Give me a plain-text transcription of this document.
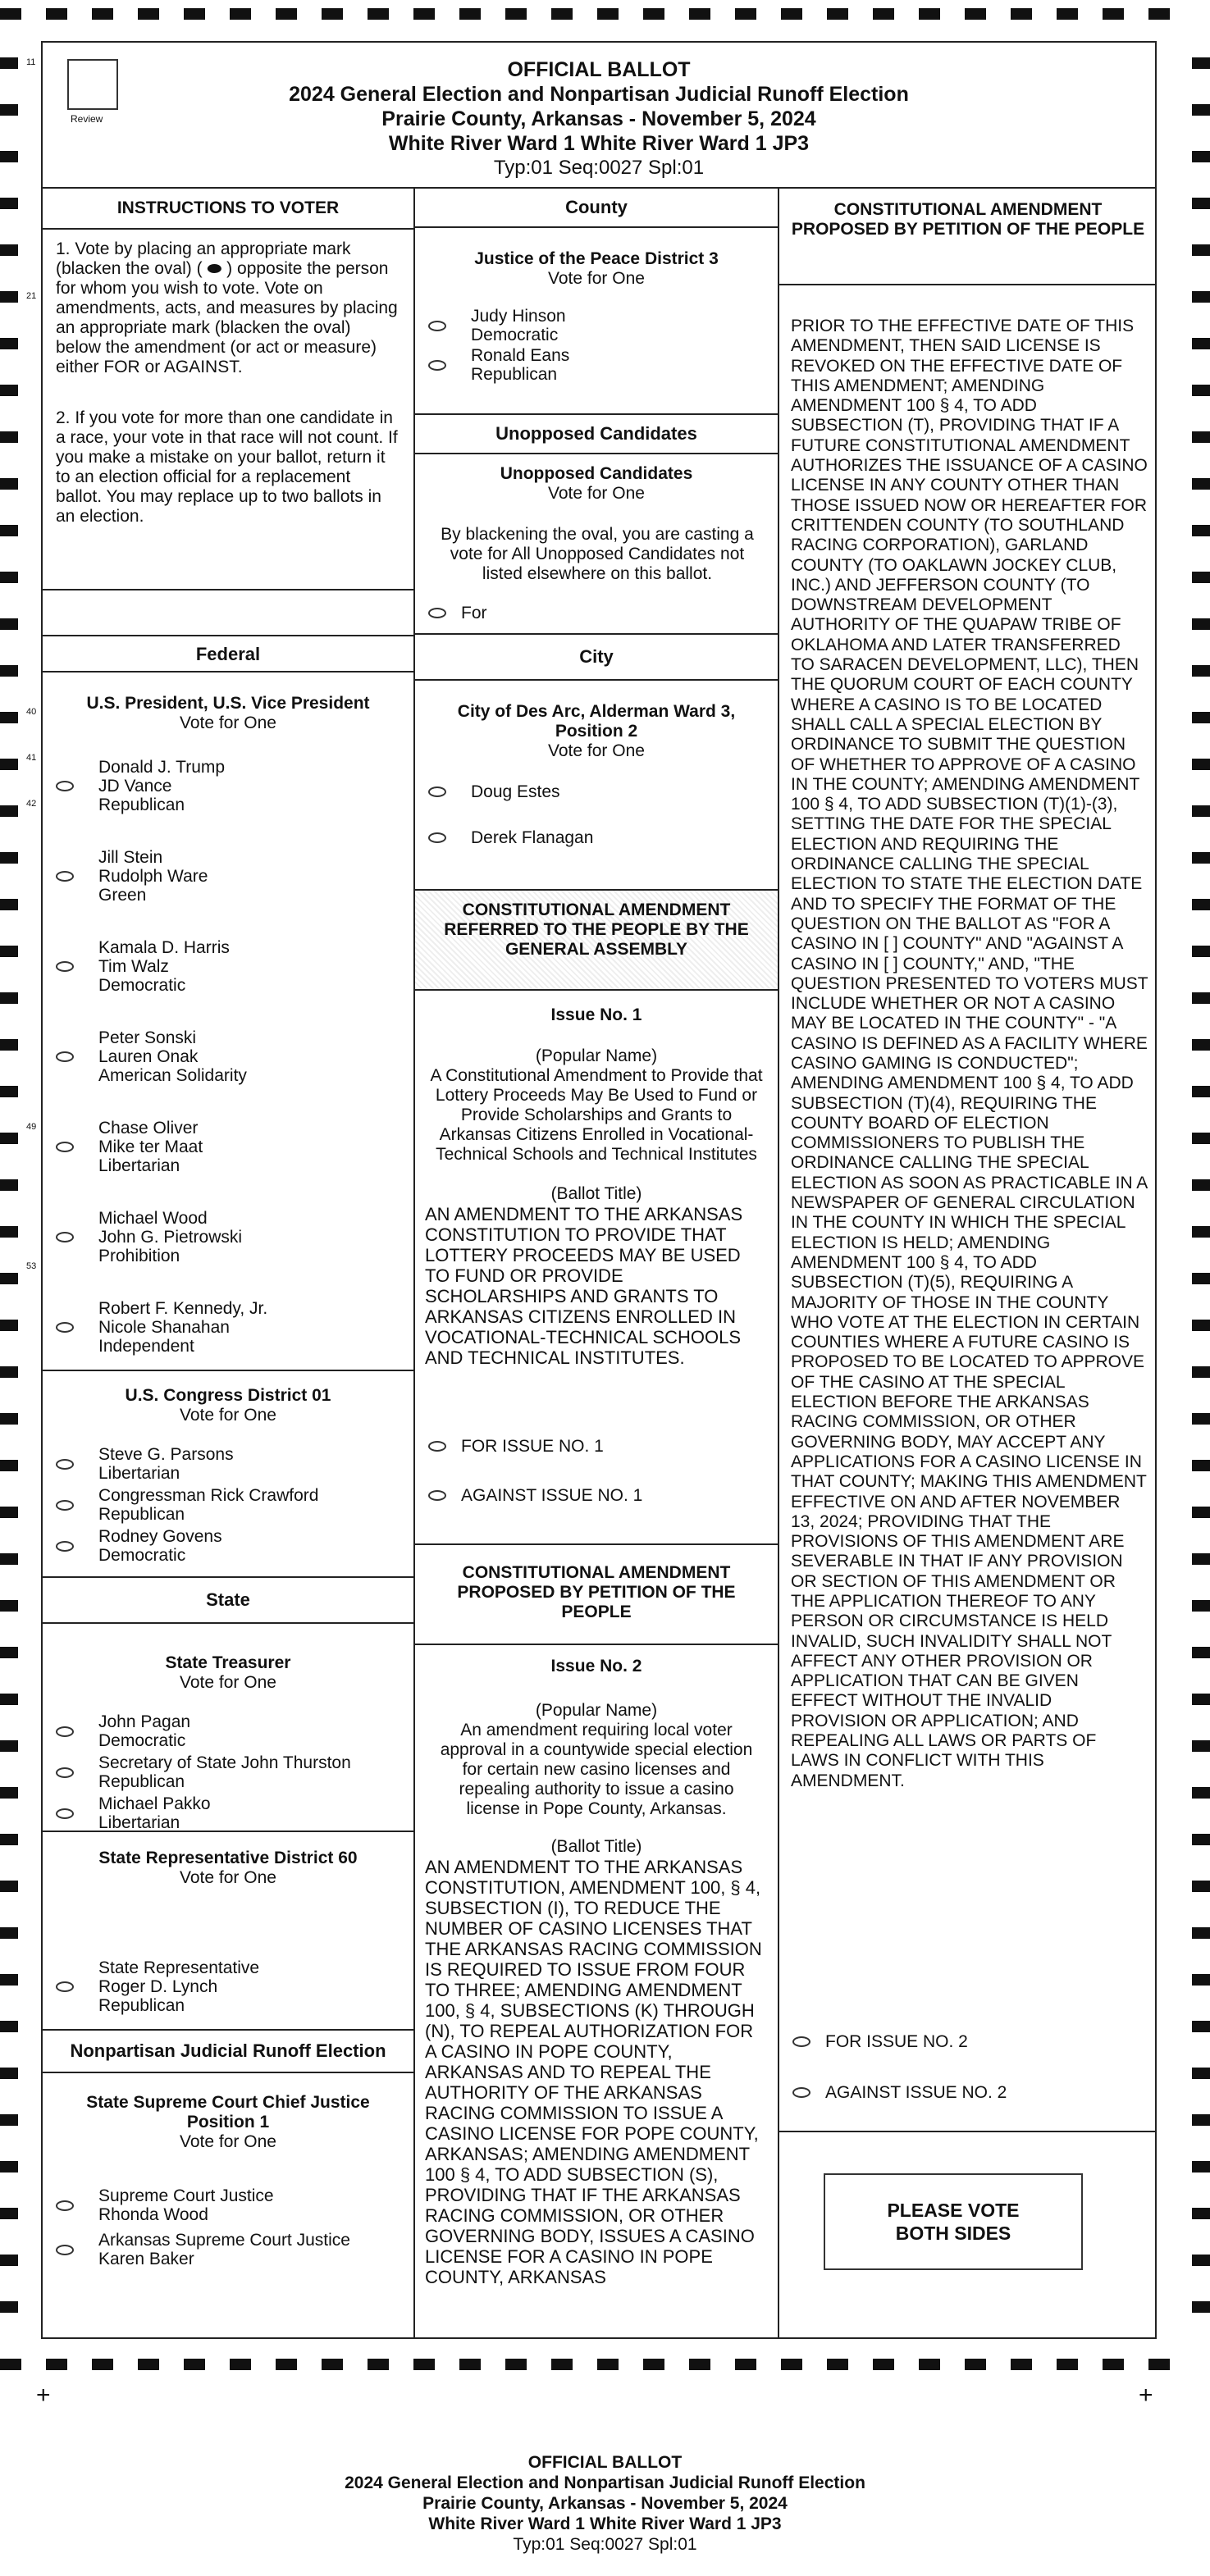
11
21
40
41
42
49
53
OFFICIAL BALLOT
2024 General Election and Nonpartisan Judicial Runoff Election
Prairie County, Arkansas - November 5, 2024
White River Ward 1 White River Ward 1 JP3
Typ:01 Seq:0027 Spl:01
Review
INSTRUCTIONS TO VOTER
1. Vote by placing an appropriate mark (blacken the oval) ( ⬬ ) opposite the person for whom you wish to vote. Vote on amendments, acts, and measures by placing an appropriate mark (blacken the oval) below the amendment (or act or measure) either FOR or AGAINST.
2. If you vote for more than one candidate in a race, your vote in that race will not count. If you make a mistake on your ballot, return it to an election official for a replacement ballot. You may replace up to two ballots in an election.
Federal
U.S. President, U.S. Vice President
Vote for One
Donald J. Trump
JD Vance
Republican
Jill Stein
Rudolph Ware
Green
Kamala D. Harris
Tim Walz
Democratic
Peter Sonski
Lauren Onak
American Solidarity
Chase Oliver
Mike ter Maat
Libertarian
Michael Wood
John G. Pietrowski
Prohibition
Robert F. Kennedy, Jr.
Nicole Shanahan
Independent
U.S. Congress District 01
Vote for One
Steve G. Parsons
Libertarian
Congressman Rick Crawford
Republican
Rodney Govens
Democratic
State
State Treasurer
Vote for One
John Pagan
Democratic
Secretary of State John Thurston
Republican
Michael Pakko
Libertarian
State Representative District 60
Vote for One
State Representative
Roger D. Lynch
Republican
Nonpartisan Judicial Runoff Election
State Supreme Court Chief Justice
Position 1
Vote for One
Supreme Court Justice
Rhonda Wood
Arkansas Supreme Court Justice
Karen Baker
County
Justice of the Peace District 3
Vote for One
Judy Hinson
Democratic
Ronald Eans
Republican
Unopposed Candidates
Unopposed Candidates
Vote for One
By blackening the oval, you are casting a vote for All Unopposed Candidates not listed elsewhere on this ballot.
For
City
City of Des Arc, Alderman Ward 3,
Position 2
Vote for One
Doug Estes
Derek Flanagan
CONSTITUTIONAL AMENDMENT REFERRED TO THE PEOPLE BY THE GENERAL ASSEMBLY
Issue No. 1
(Popular Name)
A Constitutional Amendment to Provide that Lottery Proceeds May Be Used to Fund or Provide Scholarships and Grants to Arkansas Citizens Enrolled in Vocational-Technical Schools and Technical Institutes
(Ballot Title)
AN AMENDMENT TO THE ARKANSAS CONSTITUTION TO PROVIDE THAT LOTTERY PROCEEDS MAY BE USED TO FUND OR PROVIDE SCHOLARSHIPS AND GRANTS TO ARKANSAS CITIZENS ENROLLED IN VOCATIONAL-TECHNICAL SCHOOLS AND TECHNICAL INSTITUTES.
FOR ISSUE NO. 1
AGAINST ISSUE NO. 1
CONSTITUTIONAL AMENDMENT PROPOSED BY PETITION OF THE PEOPLE
Issue No. 2
(Popular Name)
An amendment requiring local voter approval in a countywide special election for certain new casino licenses and repealing authority to issue a casino license in Pope County, Arkansas.
(Ballot Title)
AN AMENDMENT TO THE ARKANSAS CONSTITUTION, AMENDMENT 100, § 4, SUBSECTION (I), TO REDUCE THE NUMBER OF CASINO LICENSES THAT THE ARKANSAS RACING COMMISSION IS REQUIRED TO ISSUE FROM FOUR TO THREE; AMENDING AMENDMENT 100, § 4, SUBSECTIONS (K) THROUGH (N), TO REPEAL AUTHORIZATION FOR A CASINO IN POPE COUNTY, ARKANSAS AND TO REPEAL THE AUTHORITY OF THE ARKANSAS RACING COMMISSION TO ISSUE A CASINO LICENSE FOR POPE COUNTY, ARKANSAS; AMENDING AMENDMENT 100 § 4, TO ADD SUBSECTION (S), PROVIDING THAT IF THE ARKANSAS RACING COMMISSION, OR OTHER GOVERNING BODY, ISSUES A CASINO LICENSE FOR A CASINO IN POPE COUNTY, ARKANSAS
CONSTITUTIONAL AMENDMENT PROPOSED BY PETITION OF THE PEOPLE
PRIOR TO THE EFFECTIVE DATE OF THIS AMENDMENT, THEN SAID LICENSE IS REVOKED ON THE EFFECTIVE DATE OF THIS AMENDMENT; AMENDING AMENDMENT 100 § 4, TO ADD SUBSECTION (T), PROVIDING THAT IF A FUTURE CONSTITUTIONAL AMENDMENT AUTHORIZES THE ISSUANCE OF A CASINO LICENSE IN ANY COUNTY OTHER THAN THOSE ISSUED NOW OR HEREAFTER FOR CRITTENDEN COUNTY (TO SOUTHLAND RACING CORPORATION), GARLAND COUNTY (TO OAKLAWN JOCKEY CLUB, INC.) AND JEFFERSON COUNTY (TO DOWNSTREAM DEVELOPMENT AUTHORITY OF THE QUAPAW TRIBE OF OKLAHOMA AND LATER TRANSFERRED TO SARACEN DEVELOPMENT, LLC), THEN THE QUORUM COURT OF EACH COUNTY WHERE A CASINO IS TO BE LOCATED SHALL CALL A SPECIAL ELECTION BY ORDINANCE TO SUBMIT THE QUESTION OF WHETHER TO APPROVE OF A CASINO IN THE COUNTY; AMENDING AMENDMENT 100 § 4, TO ADD SUBSECTION (T)(1)-(3), SETTING THE DATE FOR THE SPECIAL ELECTION AND REQUIRING THE ORDINANCE CALLING THE SPECIAL ELECTION TO STATE THE ELECTION DATE AND TO SPECIFY THE FORMAT OF THE QUESTION ON THE BALLOT AS "FOR A CASINO IN [ ] COUNTY" AND "AGAINST A CASINO IN [ ] COUNTY," AND, "THE QUESTION PRESENTED TO VOTERS MUST INCLUDE WHETHER OR NOT A CASINO MAY BE LOCATED IN THE COUNTY" - "A CASINO IS DEFINED AS A FACILITY WHERE CASINO GAMING IS CONDUCTED"; AMENDING AMENDMENT 100 § 4, TO ADD SUBSECTION (T)(4), REQUIRING THE COUNTY BOARD OF ELECTION COMMISSIONERS TO PUBLISH THE ORDINANCE CALLING THE SPECIAL ELECTION AS SOON AS PRACTICABLE IN A NEWSPAPER OF GENERAL CIRCULATION IN THE COUNTY IN WHICH THE SPECIAL ELECTION IS HELD; AMENDING AMENDMENT 100 § 4, TO ADD SUBSECTION (T)(5), REQUIRING A MAJORITY OF THOSE IN THE COUNTY WHO VOTE AT THE ELECTION IN CERTAIN COUNTIES WHERE A FUTURE CASINO IS PROPOSED TO BE LOCATED TO APPROVE OF THE CASINO AT THE SPECIAL ELECTION BEFORE THE ARKANSAS RACING COMMISSION, OR OTHER GOVERNING BODY, MAY ACCEPT ANY APPLICATIONS FOR A CASINO LICENSE IN THAT COUNTY; MAKING THIS AMENDMENT EFFECTIVE ON AND AFTER NOVEMBER 13, 2024; PROVIDING THAT THE PROVISIONS OF THIS AMENDMENT ARE SEVERABLE IN THAT IF ANY PROVISION OR SECTION OF THIS AMENDMENT OR THE APPLICATION THEREOF TO ANY PERSON OR CIRCUMSTANCE IS HELD INVALID, SUCH INVALIDITY SHALL NOT AFFECT ANY OTHER PROVISION OR APPLICATION THAT CAN BE GIVEN EFFECT WITHOUT THE INVALID PROVISION OR APPLICATION; AND REPEALING ALL LAWS OR PARTS OF LAWS IN CONFLICT WITH THIS AMENDMENT.
FOR ISSUE NO. 2
AGAINST ISSUE NO. 2
PLEASE VOTE BOTH SIDES
+	+
OFFICIAL BALLOT
2024 General Election and Nonpartisan Judicial Runoff Election
Prairie County, Arkansas - November 5, 2024
White River Ward 1 White River Ward 1 JP3
Typ:01 Seq:0027 Spl:01
